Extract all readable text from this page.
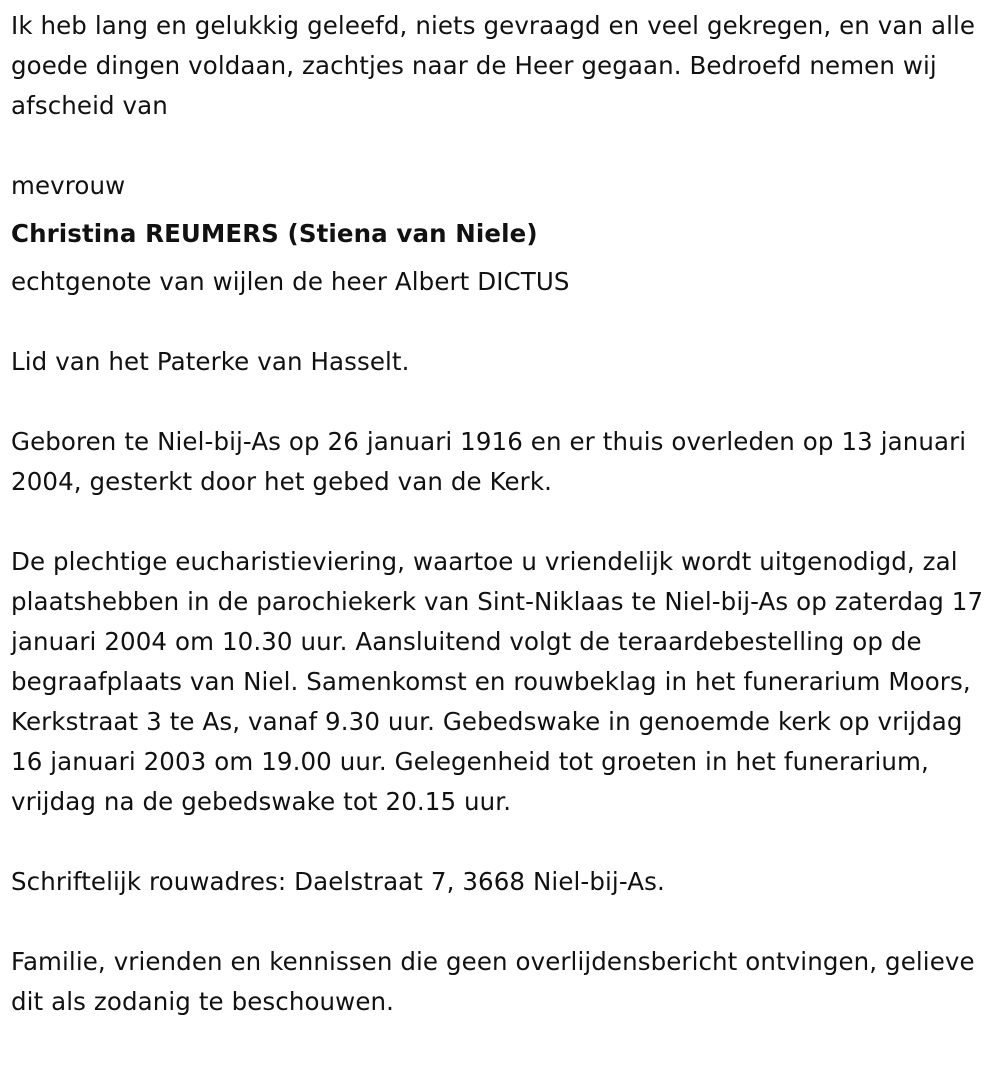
Ik heb lang en gelukkig geleefd, niets gevraagd en veel gekregen, en van alle goede dingen voldaan, zachtjes naar de Heer gegaan. Bedroefd nemen wij afscheid van

mevrouw

Christina REUMERS (Stiena van Niele)

echtgenote van wijlen de heer Albert DICTUS

Lid van het Paterke van Hasselt.

Geboren te Niel-bij-As op 26 januari 1916 en er thuis overleden op 13 januari 2004, gesterkt door het gebed van de Kerk.

De plechtige eucharistieviering, waartoe u vriendelijk wordt uitgenodigd, zal plaatshebben in de parochiekerk van Sint-Niklaas te Niel-bij-As op zaterdag 17 januari 2004 om 10.30 uur. Aansluitend volgt de teraardebestelling op de begraafplaats van Niel. Samenkomst en rouwbeklag in het funerarium Moors, Kerkstraat 3 te As, vanaf 9.30 uur. Gebedswake in genoemde kerk op vrijdag 16 januari 2003 om 19.00 uur. Gelegenheid tot groeten in het funerarium, vrijdag na de gebedswake tot 20.15 uur.

Schriftelijk rouwadres: Daelstraat 7, 3668 Niel-bij-As.

Familie, vrienden en kennissen die geen overlijdensbericht ontvingen, gelieve dit als zodanig te beschouwen.
